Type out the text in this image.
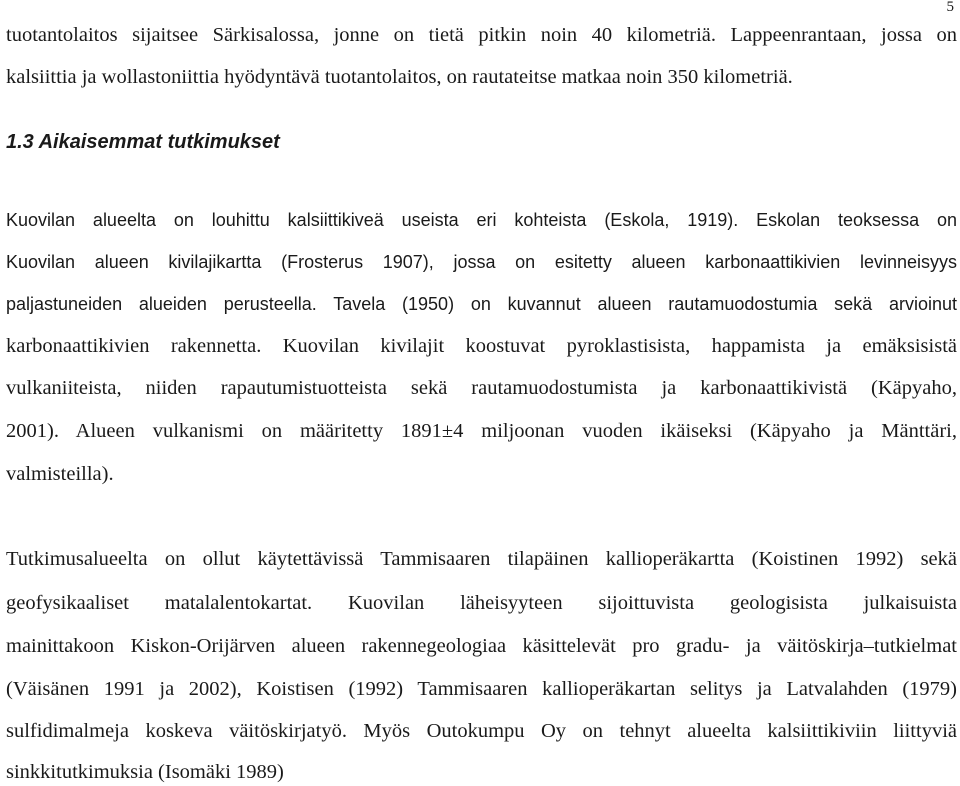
5
tuotantolaitos sijaitsee Särkisalossa, jonne on tietä pitkin noin 40 kilometriä. Lappeenrantaan, jossa on
kalsiittia ja wollastoniittia hyödyntävä tuotantolaitos, on rautateitse matkaa noin 350 kilometriä.
1.3 Aikaisemmat tutkimukset
Kuovilan alueelta on louhittu kalsiittikiveä useista eri kohteista (Eskola, 1919). Eskolan teoksessa on
Kuovilan alueen kivilajikartta (Frosterus 1907), jossa on esitetty alueen karbonaattikivien levinneisyys
paljastuneiden alueiden perusteella. Tavela (1950) on kuvannut alueen rautamuodostumia sekä arvioinut
karbonaattikivien rakennetta. Kuovilan kivilajit koostuvat pyroklastisista, happamista ja emäksisistä
vulkaniiteista, niiden rapautumistuotteista sekä rautamuodostumista ja karbonaattikivistä (Käpyaho,
2001). Alueen vulkanismi on määritetty 1891±4 miljoonan vuoden ikäiseksi (Käpyaho ja Mänttäri,
valmisteilla).
Tutkimusalueelta on ollut käytettävissä Tammisaaren tilapäinen kallioperäkartta (Koistinen 1992) sekä
geofysikaaliset matalalentokartat. Kuovilan läheisyyteen sijoittuvista geologisista julkaisuista
mainittakoon Kiskon-Orijärven alueen rakennegeologiaa käsittelevät pro gradu- ja väitöskirja–tutkielmat
(Väisänen 1991 ja 2002), Koistisen (1992) Tammisaaren kallioperäkartan selitys ja Latvalahden (1979)
sulfidimalmeja koskeva väitöskirjatyö. Myös Outokumpu Oy on tehnyt alueelta kalsiittikiviin liittyviä
sinkkitutkimuksia (Isomäki 1989)
